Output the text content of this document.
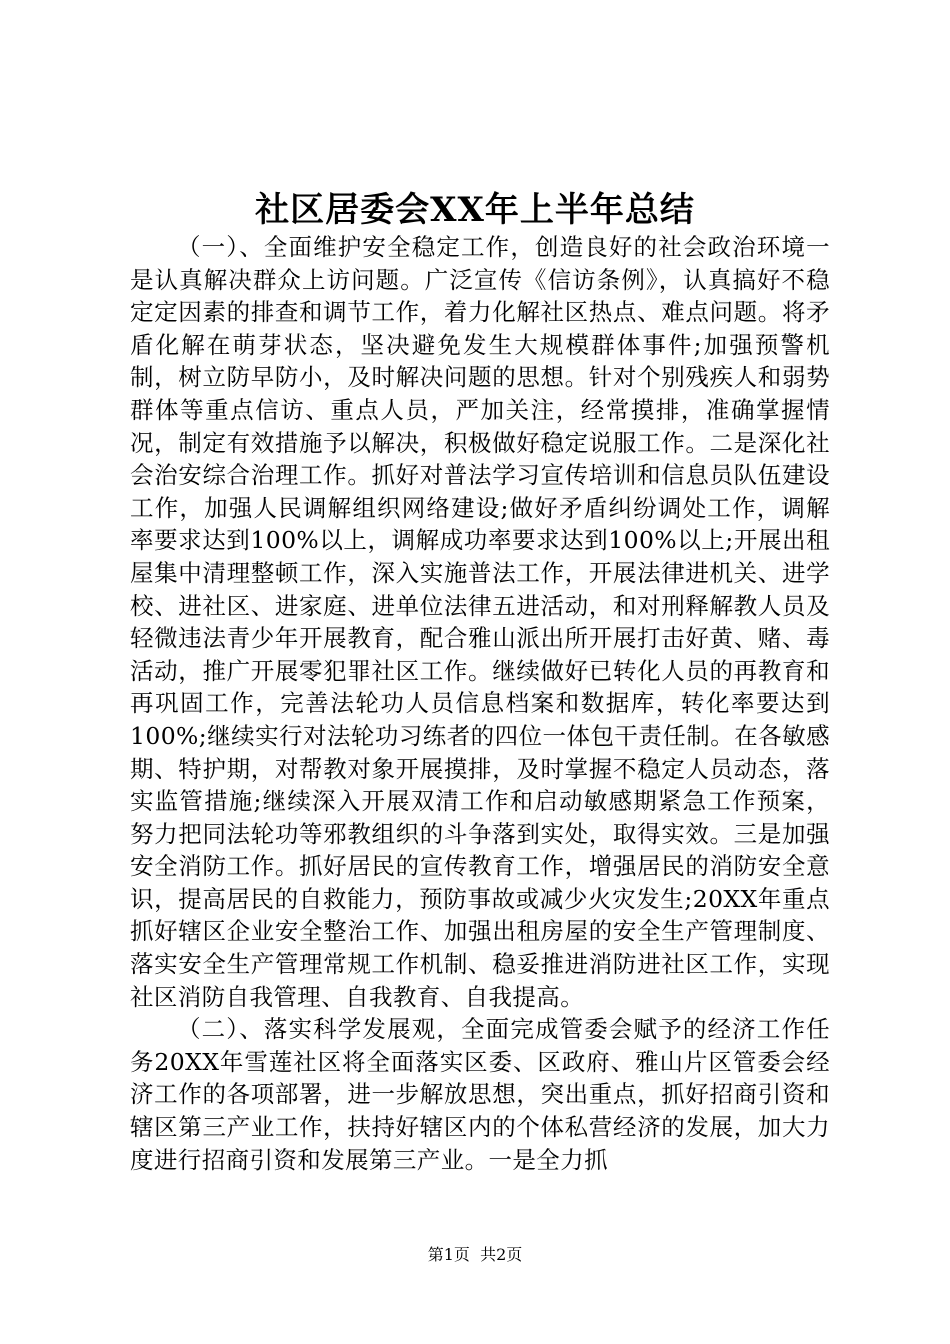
社区居委会XX年上半年总结

（一）、全面维护安全稳定工作，创造良好的社会政治环境一是认真解决群众上访问题。广泛宣传《信访条例》，认真搞好不稳定定因素的排查和调节工作，着力化解社区热点、难点问题。将矛盾化解在萌芽状态，坚决避免发生大规模群体事件;加强预警机制，树立防早防小，及时解决问题的思想。针对个别残疾人和弱势群体等重点信访、重点人员，严加关注，经常摸排，准确掌握情况，制定有效措施予以解决，积极做好稳定说服工作。二是深化社会治安综合治理工作。抓好对普法学习宣传培训和信息员队伍建设工作，加强人民调解组织网络建设;做好矛盾纠纷调处工作，调解率要求达到100%以上，调解成功率要求达到100%以上;开展出租屋集中清理整顿工作，深入实施普法工作，开展法律进机关、进学校、进社区、进家庭、进单位法律五进活动，和对刑释解教人员及轻微违法青少年开展教育，配合雅山派出所开展打击好黄、赌、毒活动，推广开展零犯罪社区工作。继续做好已转化人员的再教育和再巩固工作，完善法轮功人员信息档案和数据库，转化率要达到100%;继续实行对法轮功习练者的四位一体包干责任制。在各敏感期、特护期，对帮教对象开展摸排，及时掌握不稳定人员动态，落实监管措施;继续深入开展双清工作和启动敏感期紧急工作预案，努力把同法轮功等邪教组织的斗争落到实处，取得实效。三是加强安全消防工作。抓好居民的宣传教育工作，增强居民的消防安全意识，提高居民的自救能力，预防事故或减少火灾发生;20XX年重点抓好辖区企业安全整治工作、加强出租房屋的安全生产管理制度、落实安全生产管理常规工作机制、稳妥推进消防进社区工作，实现社区消防自我管理、自我教育、自我提高。

（二）、落实科学发展观，全面完成管委会赋予的经济工作任务20XX年雪莲社区将全面落实区委、区政府、雅山片区管委会经济工作的各项部署，进一步解放思想，突出重点，抓好招商引资和辖区第三产业工作，扶持好辖区内的个体私营经济的发展，加大力度进行招商引资和发展第三产业。一是全力抓

第1页 共2页
